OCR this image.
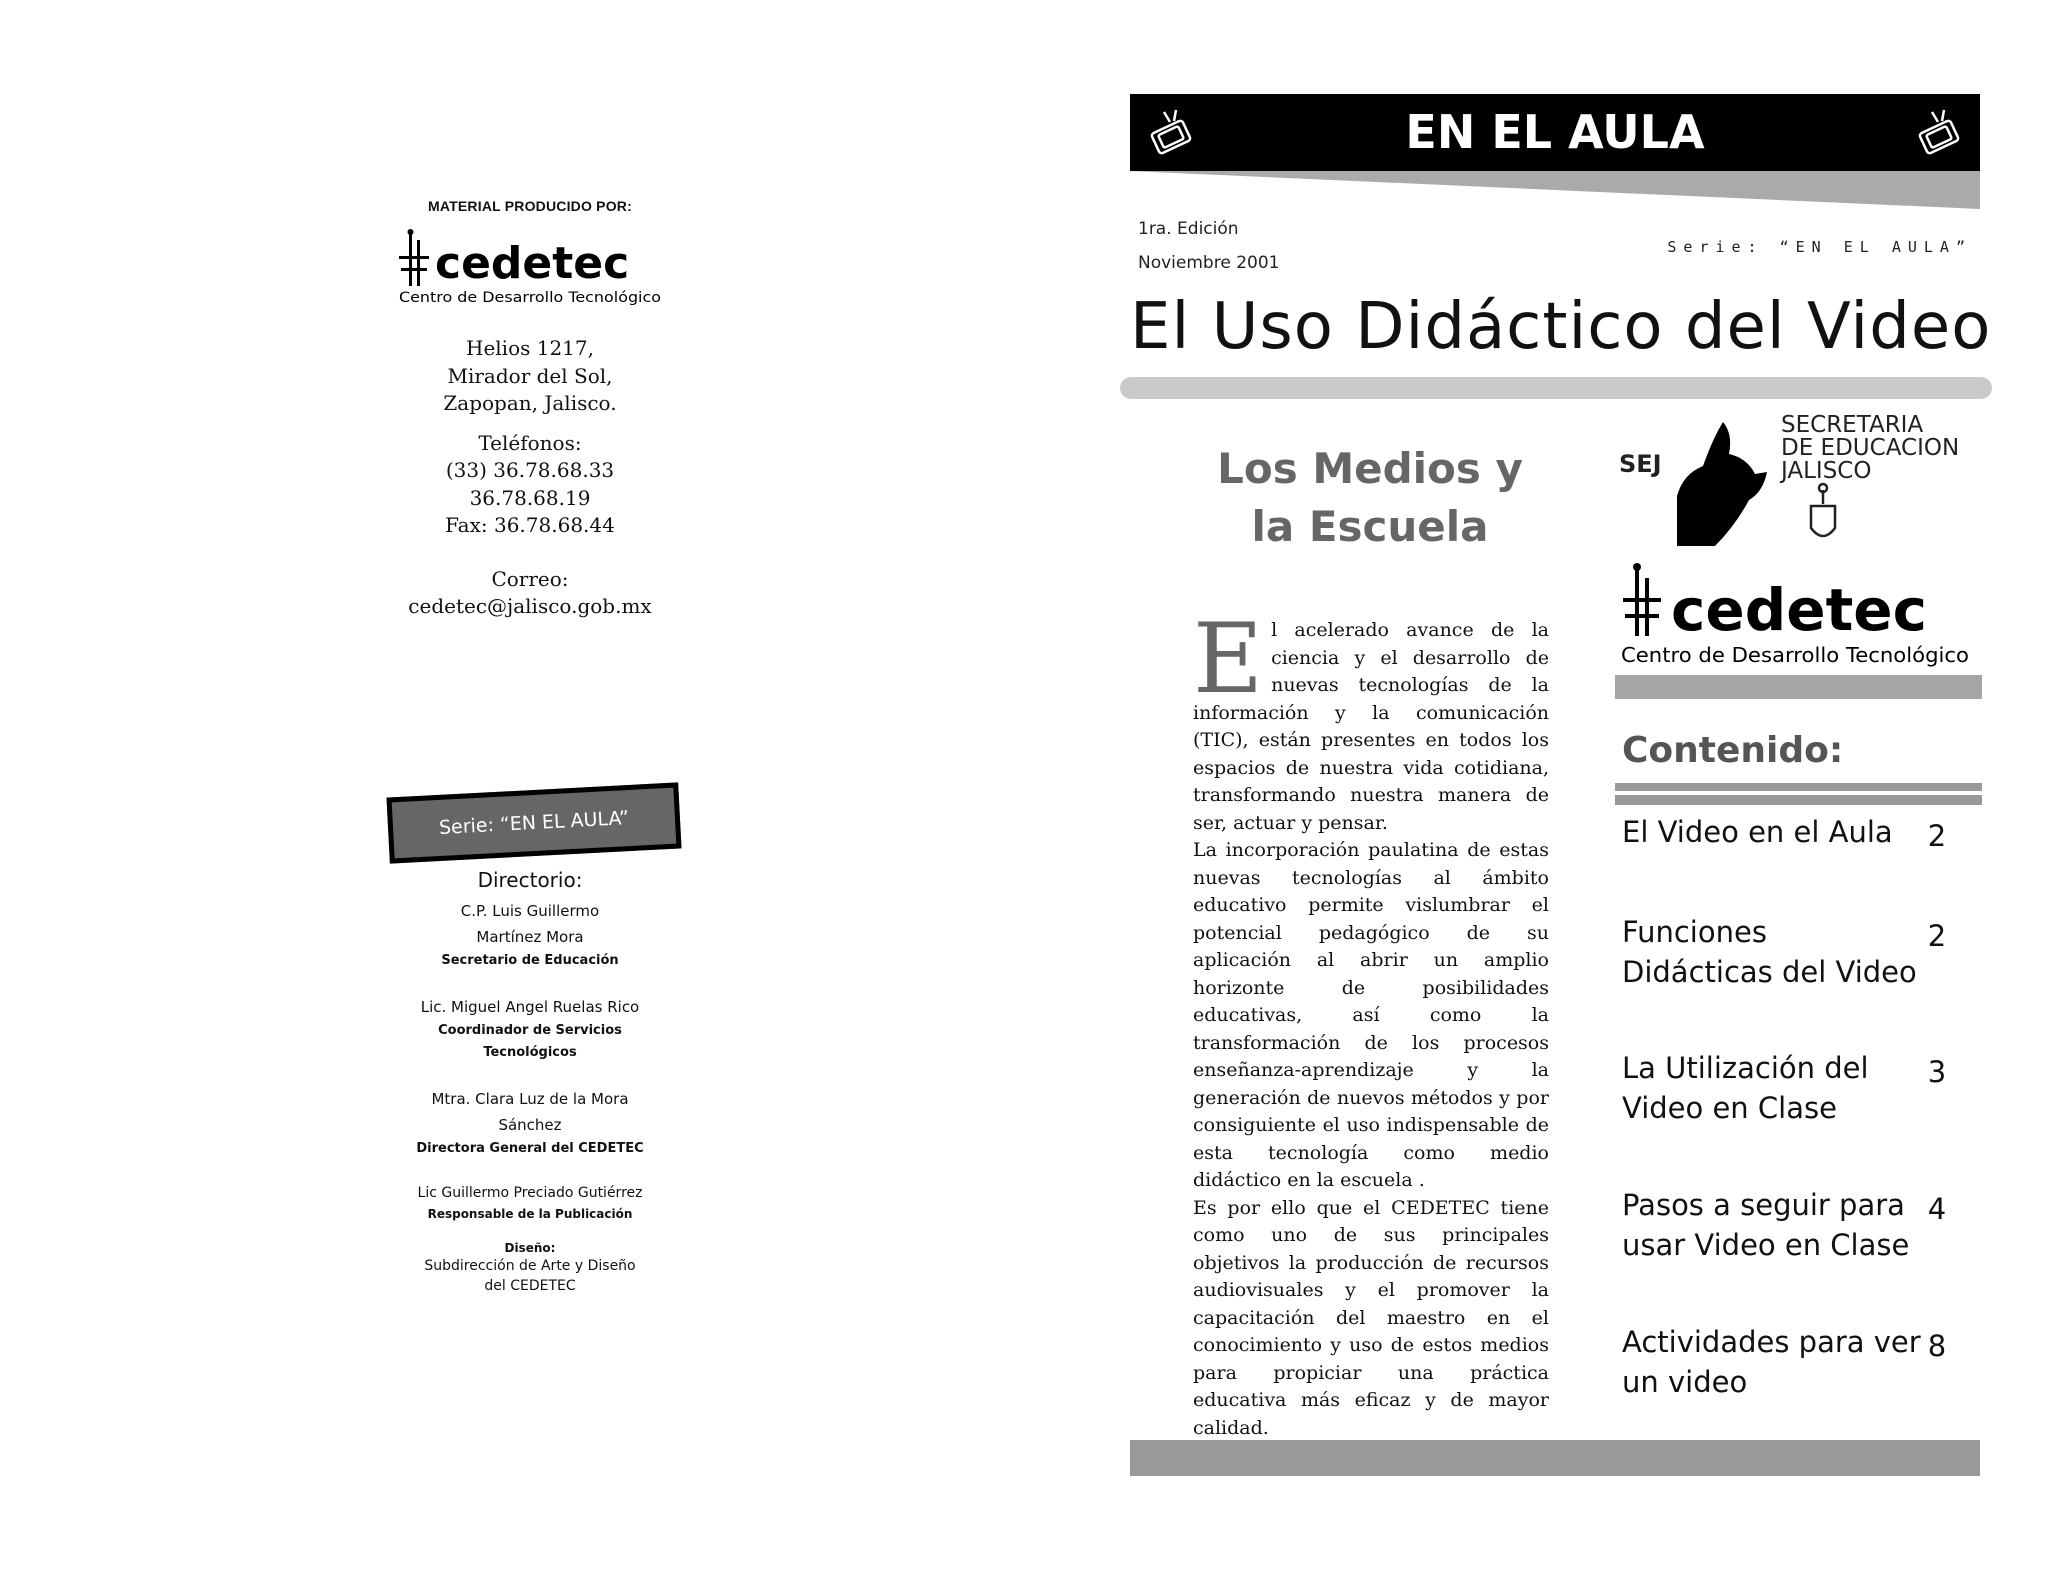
MATERIAL PRODUCIDO POR:
cedetec
Centro de Desarrollo Tecnológico
Helios 1217,
Mirador del Sol,
Zapopan, Jalisco.
Teléfonos:
(33) 36.78.68.33
36.78.68.19
Fax: 36.78.68.44
Correo:
cedetec@jalisco.gob.mx
Serie: “EN EL AULA”
Directorio:
C.P. Luis Guillermo
Martínez Mora
Secretario de Educación
Lic. Miguel Angel Ruelas Rico
Coordinador de Servicios
Tecnológicos
Mtra. Clara Luz de la Mora
Sánchez
Directora General del CEDETEC
Lic Guillermo Preciado Gutiérrez
Responsable de la Publicación
Diseño:
Subdirección de Arte y Diseño
del CEDETEC
EN EL AULA
1ra. Edición
Noviembre 2001
Serie: “EN EL AULA”
El Uso Didáctico del Video
Los Medios y
la Escuela
E l acelerado avance de la ciencia y el desarrollo de nuevas tecnologías de la información y la comunicación (TIC), están presentes en todos los espacios de nuestra vida cotidiana, transformando nuestra manera de ser, actuar y pensar.

La incorporación paulatina de estas nuevas tecnologías al ámbito educativo permite vislumbrar el potencial pedagógico de su aplicación al abrir un amplio horizonte de posibilidades educativas, así como la transformación de los procesos enseñanza-aprendizaje y la generación de nuevos métodos y por consiguiente el uso indispensable de esta tecnología como medio didáctico en la escuela .

Es por ello que el CEDETEC tiene como uno de sus principales objetivos la producción de recursos audiovisuales y el promover la capacitación del maestro en el conocimiento y uso de estos medios para propiciar una práctica educativa más eficaz y de mayor calidad.

SEJ
SECRETARIA
DE EDUCACION
JALISCO
cedetec
Centro de Desarrollo Tecnológico
Contenido:
El Video en el Aula	2
Funciones Didácticas del Video
2
La Utilización del Video en Clase
3
Pasos a seguir para usar Video en Clase
4
Actividades para ver un video
8
